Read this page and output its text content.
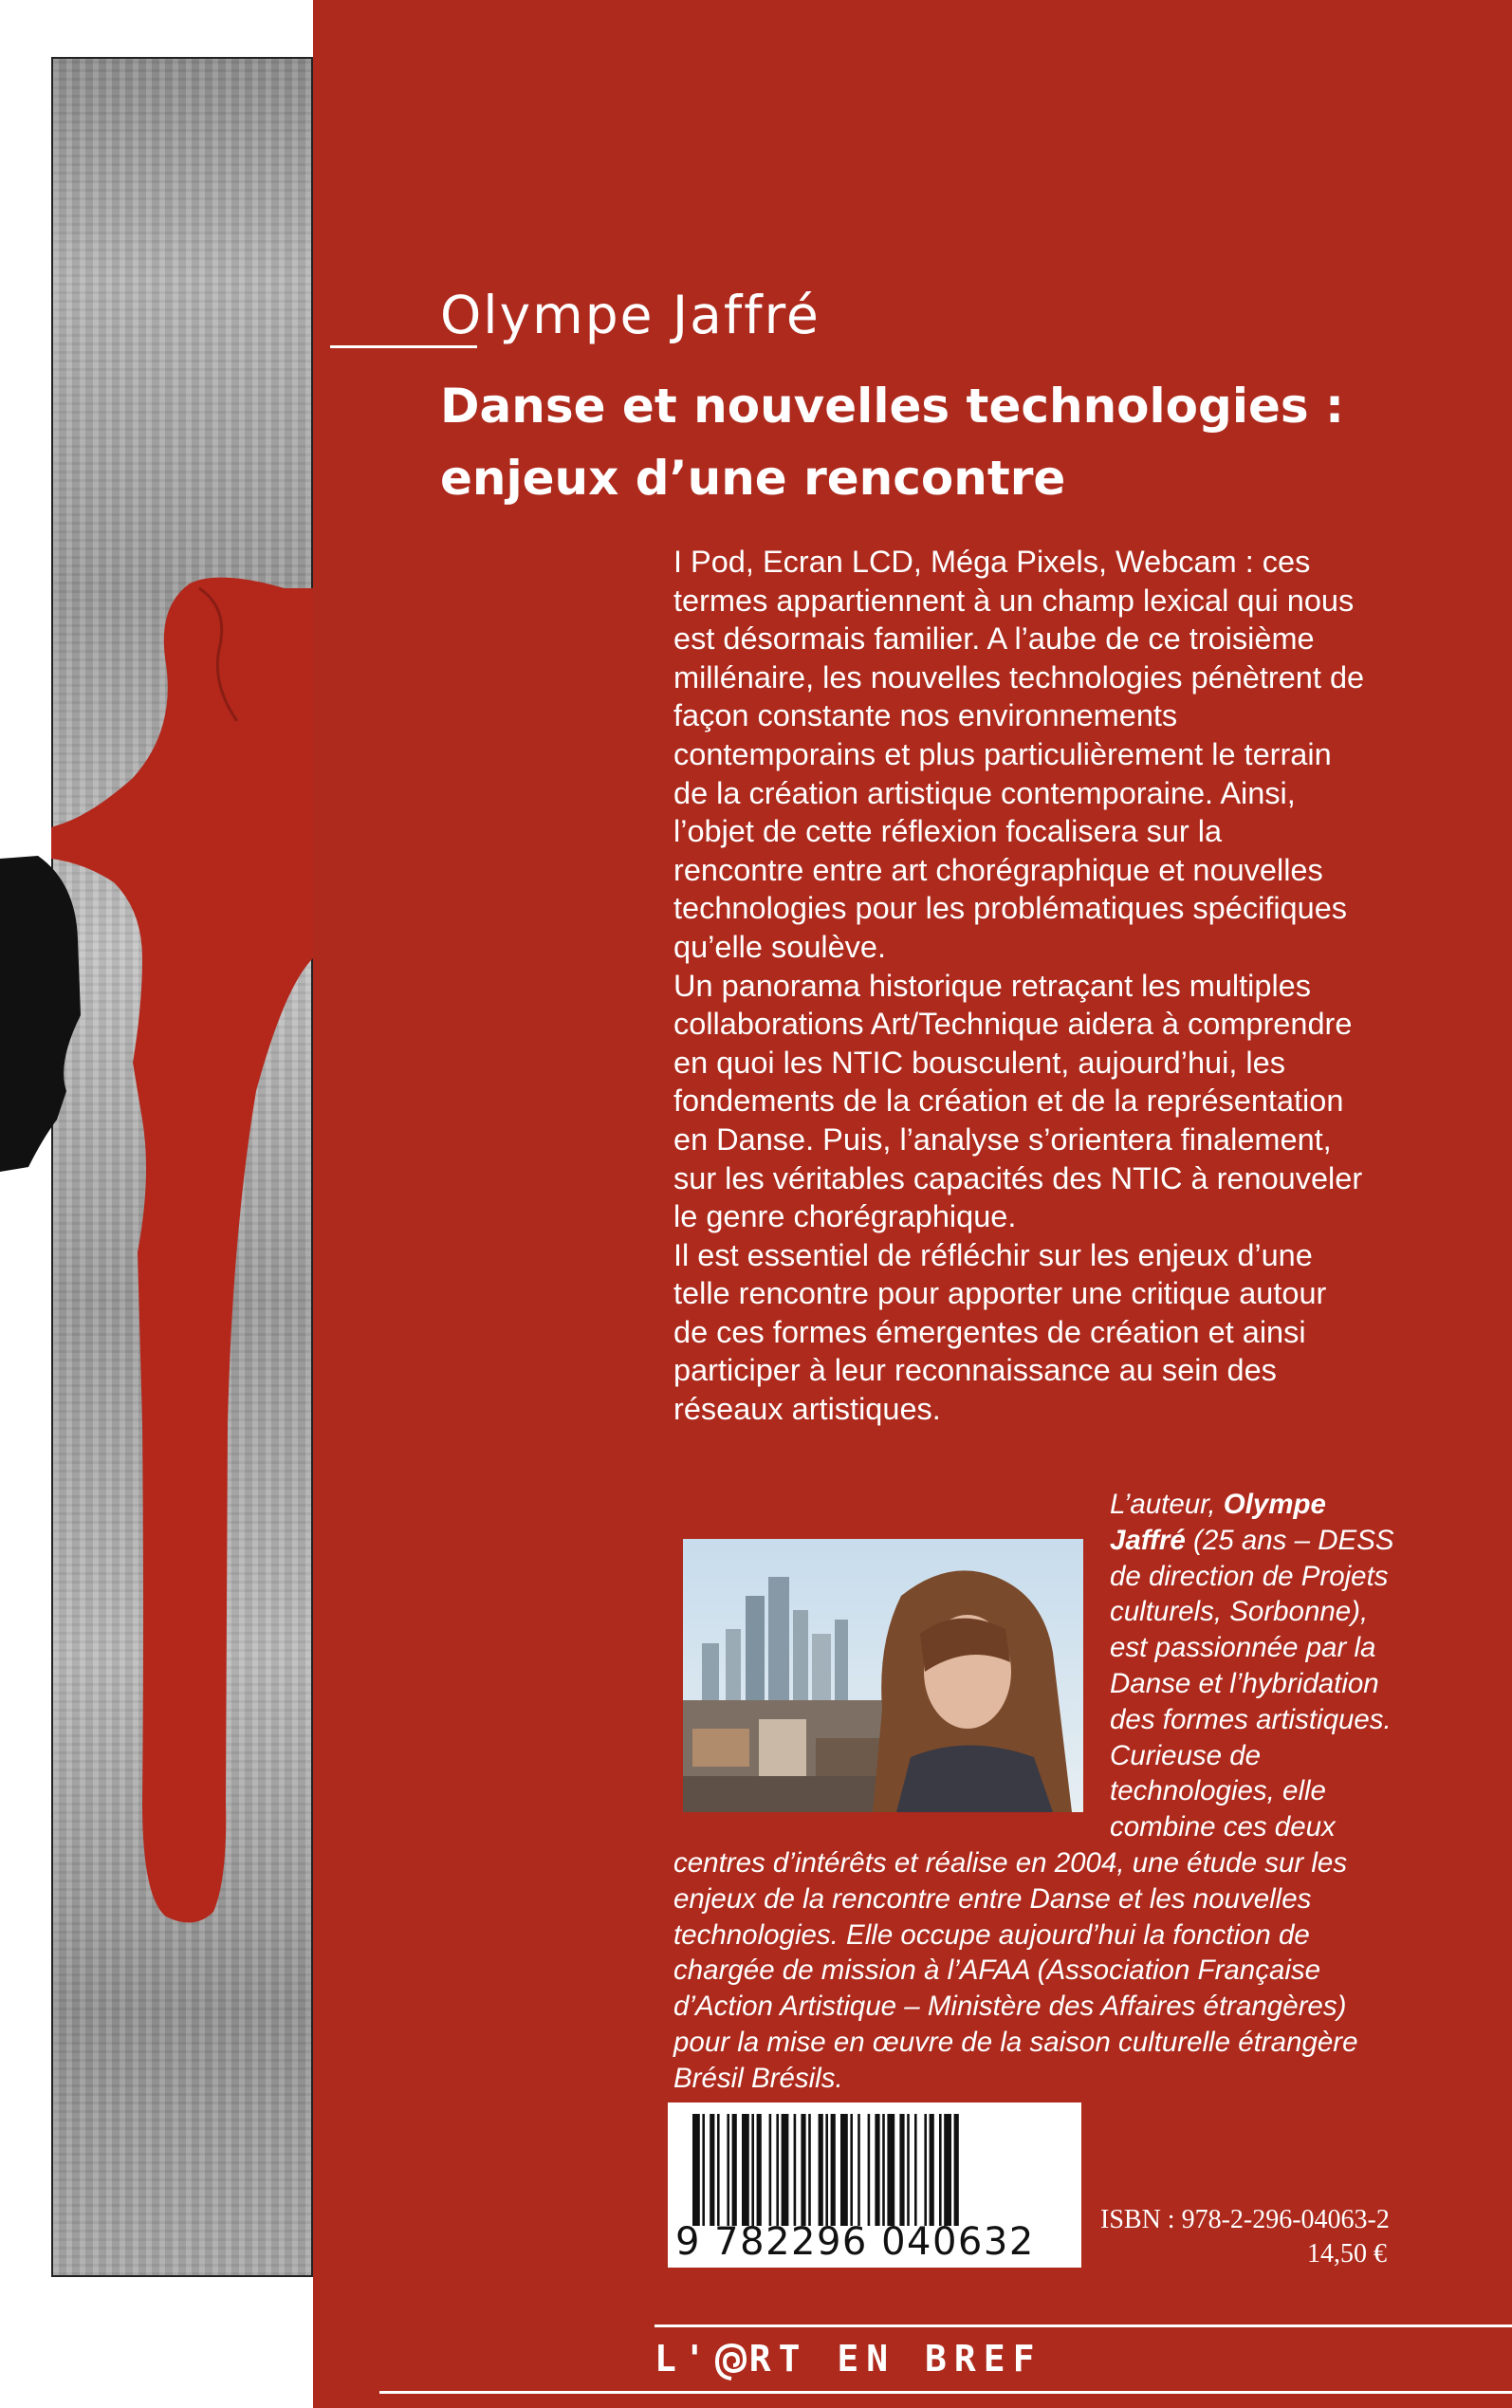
Olympe Jaffré
Danse et nouvelles technologies :
enjeux d’une rencontre
I Pod, Ecran LCD, Méga Pixels, Webcam : ces
termes appartiennent à un champ lexical qui nous
est désormais familier. A l’aube de ce troisième
millénaire, les nouvelles technologies pénètrent de
façon constante nos environnements
contemporains et plus particulièrement le terrain
de la création artistique contemporaine. Ainsi,
l’objet de cette réflexion focalisera sur la
rencontre entre art chorégraphique et nouvelles
technologies pour les problématiques spécifiques
qu’elle soulève.
Un panorama historique retraçant les multiples
collaborations Art/Technique aidera à comprendre
en quoi les NTIC bousculent, aujourd’hui, les
fondements de la création et de la représentation
en Danse. Puis, l’analyse s’orientera finalement,
sur les véritables capacités des NTIC à renouveler
le genre chorégraphique.
Il est essentiel de réfléchir sur les enjeux d’une
telle rencontre pour apporter une critique autour
de ces formes émergentes de création et ainsi
participer à leur reconnaissance au sein des
réseaux artistiques.
L’auteur, Olympe
Jaffré (25 ans – DESS
de direction de Projets
culturels, Sorbonne),
est passionnée par la
Danse et l’hybridation
des formes artistiques.
Curieuse de
technologies, elle
combine ces deux
centres d’intérêts et réalise en 2004, une étude sur les
enjeux de la rencontre entre Danse et les nouvelles
technologies. Elle occupe aujourd’hui la fonction de
chargée de mission à l’AFAA (Association Française
d’Action Artistique – Ministère des Affaires étrangères)
pour la mise en œuvre de la saison culturelle étrangère
Brésil Brésils.
9 782296 040632
ISBN : 978-2-296-04063-2
14,50 €
L' RT EN BREF
